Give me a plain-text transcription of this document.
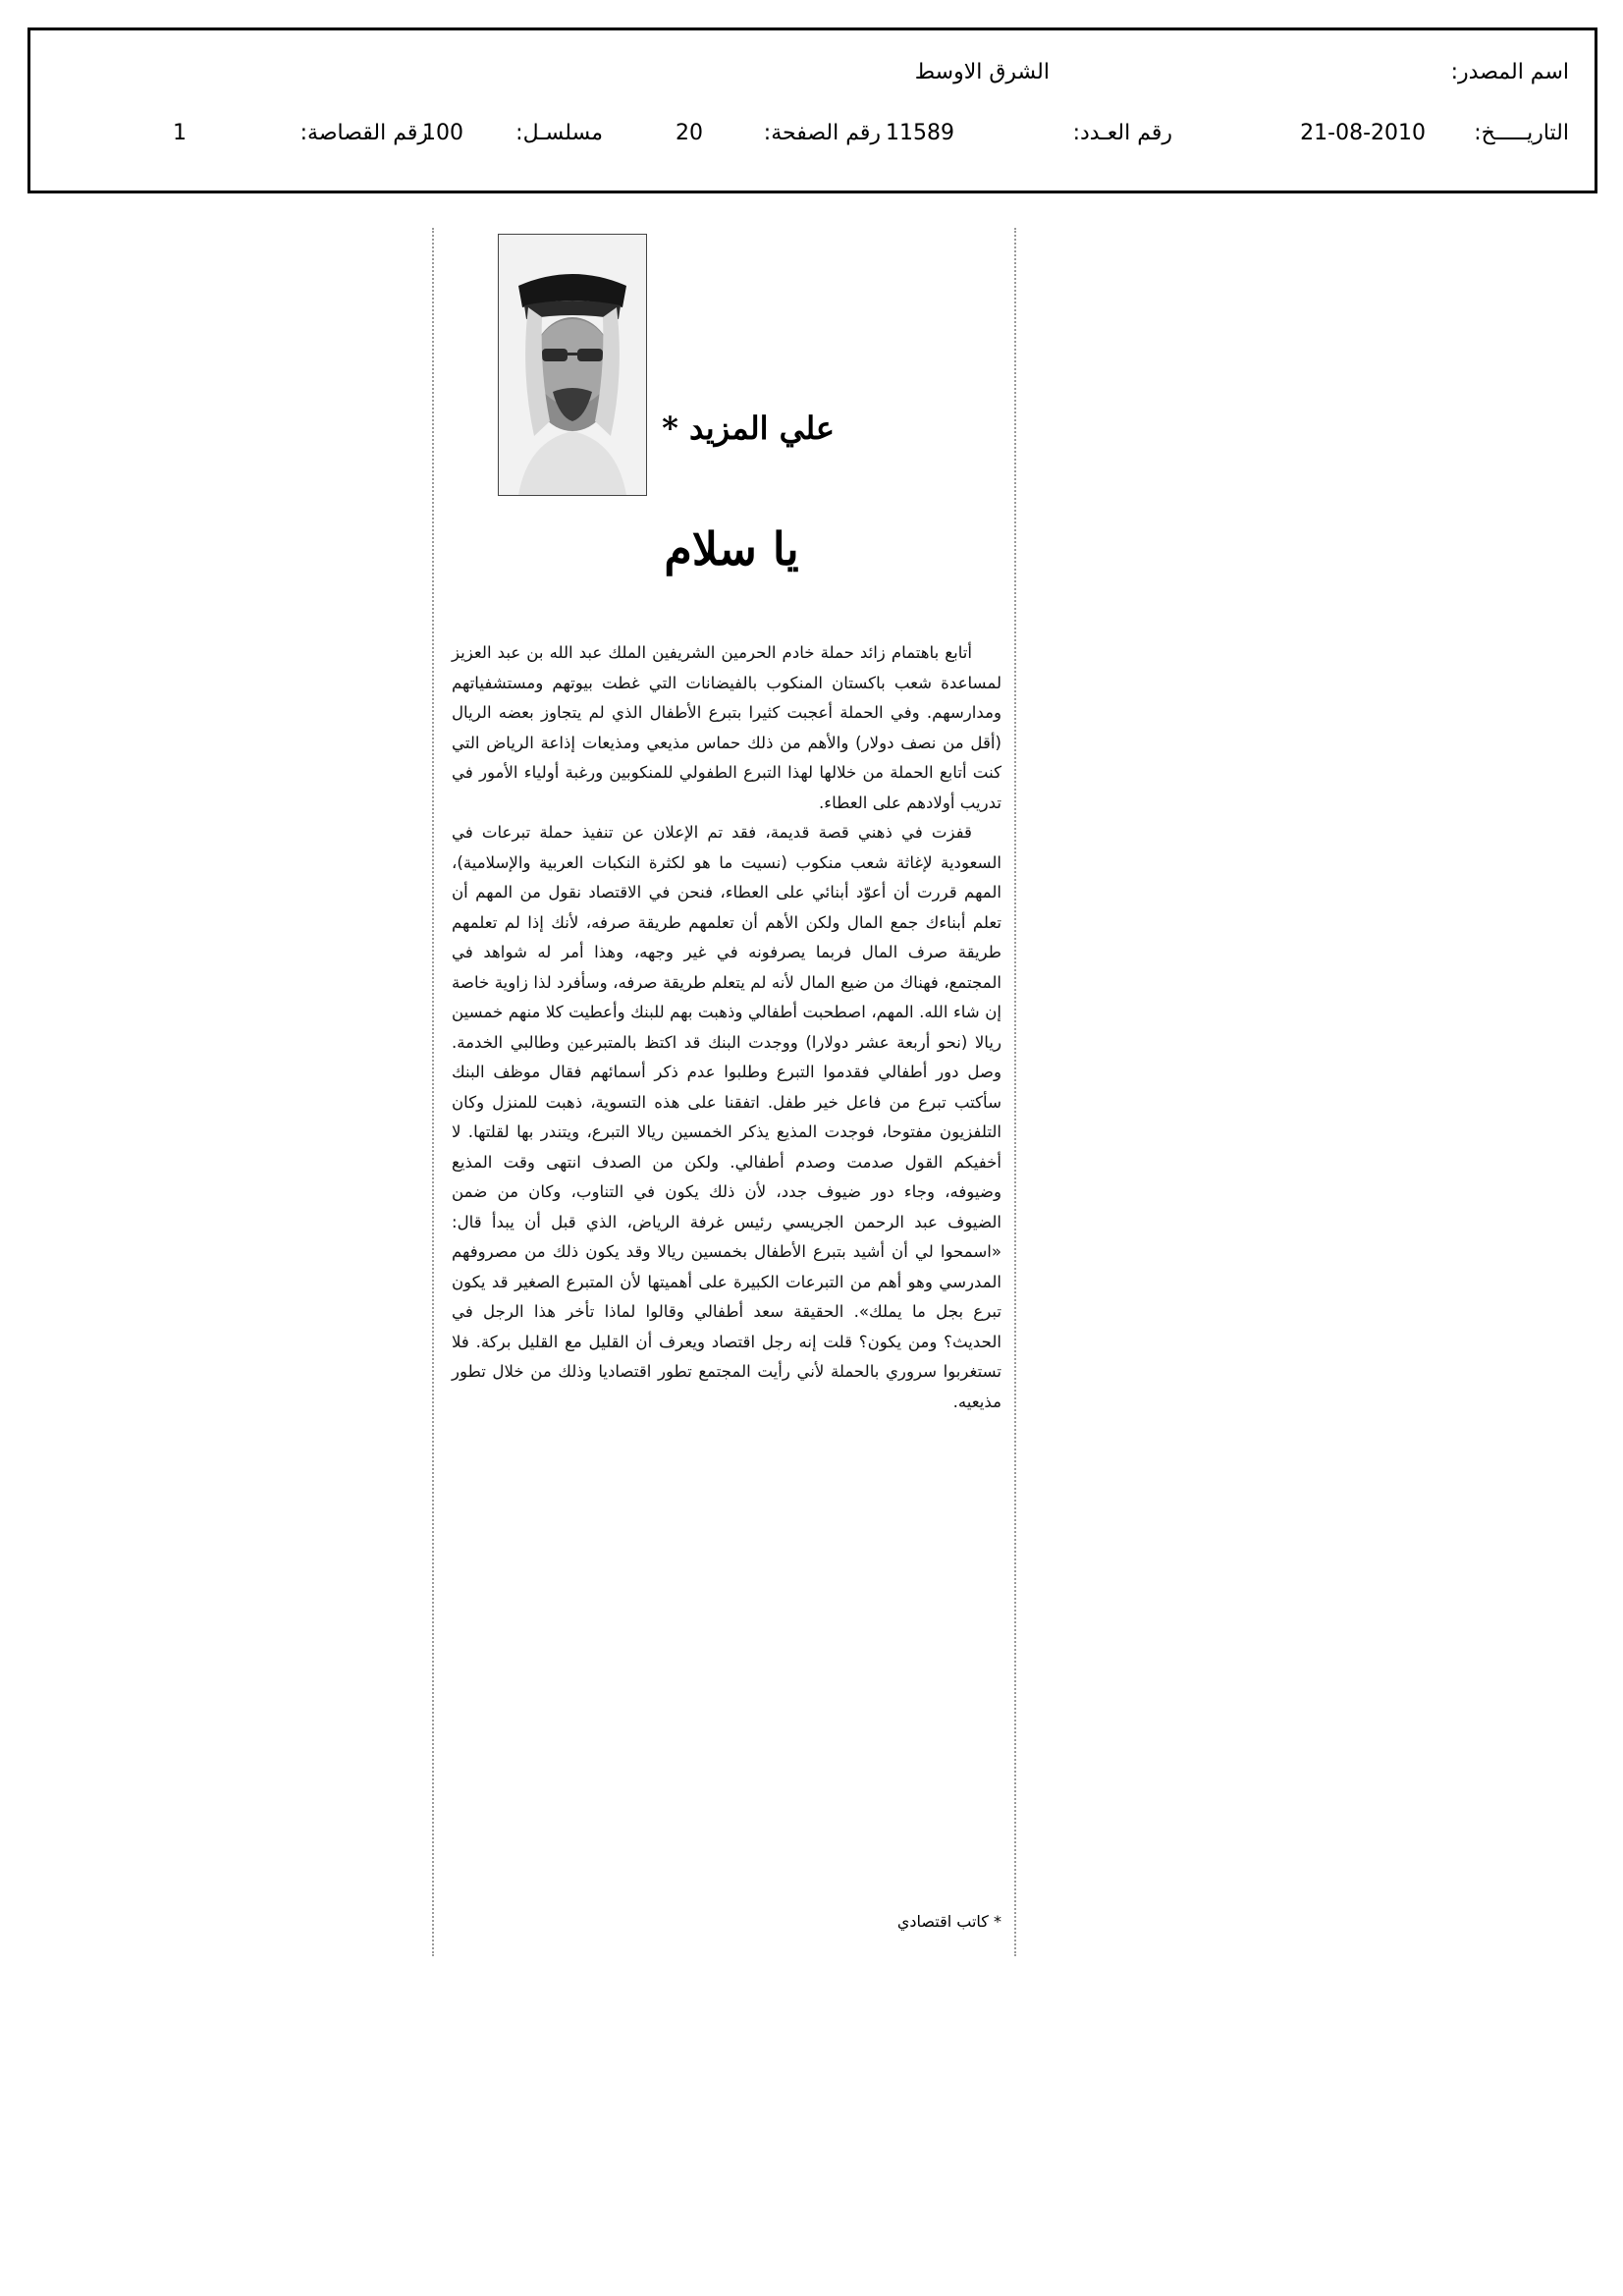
اسم المصدر:
الشرق الاوسط
التاريـــــخ:
21-08-2010
رقم العـدد:
11589
رقم الصفحة:
20
مسلسـل:
100
رقم القصاصة:
1
علي المزيد *
يا سلام

أتابع باهتمام زائد حملة خادم الحرمين الشريفين الملك عبد الله بن عبد العزيز لمساعدة شعب باكستان المنكوب بالفيضانات التي غطت بيوتهم ومستشفياتهم ومدارسهم. وفي الحملة أعجبت كثيرا بتبرع الأطفال الذي لم يتجاوز بعضه الريال (أقل من نصف دولار) والأهم من ذلك حماس مذيعي ومذيعات إذاعة الرياض التي كنت أتابع الحملة من خلالها لهذا التبرع الطفولي للمنكوبين ورغبة أولياء الأمور في تدريب أولادهم على العطاء.

قفزت في ذهني قصة قديمة، فقد تم الإعلان عن تنفيذ حملة تبرعات في السعودية لإغاثة شعب منكوب (نسيت ما هو لكثرة النكبات العربية والإسلامية)، المهم قررت أن أعوّد أبنائي على العطاء، فنحن في الاقتصاد نقول من المهم أن تعلم أبناءك جمع المال ولكن الأهم أن تعلمهم طريقة صرفه، لأنك إذا لم تعلمهم طريقة صرف المال فربما يصرفونه في غير وجهه، وهذا أمر له شواهد في المجتمع، فهناك من ضيع المال لأنه لم يتعلم طريقة صرفه، وسأفرد لذا زاوية خاصة إن شاء الله. المهم، اصطحبت أطفالي وذهبت بهم للبنك وأعطيت كلا منهم خمسين ريالا (نحو أربعة عشر دولارا) ووجدت البنك قد اكتظ بالمتبرعين وطالبي الخدمة. وصل دور أطفالي فقدموا التبرع وطلبوا عدم ذكر أسمائهم فقال موظف البنك سأكتب تبرع من فاعل خير طفل. اتفقنا على هذه التسوية، ذهبت للمنزل وكان التلفزيون مفتوحا، فوجدت المذيع يذكر الخمسين ريالا التبرع، ويتندر بها لقلتها. لا أخفيكم القول صدمت وصدم أطفالي. ولكن من الصدف انتهى وقت المذيع وضيوفه، وجاء دور ضيوف جدد، لأن ذلك يكون في التناوب، وكان من ضمن الضيوف عبد الرحمن الجريسي رئيس غرفة الرياض، الذي قبل أن يبدأ قال: «اسمحوا لي أن أشيد بتبرع الأطفال بخمسين ريالا وقد يكون ذلك من مصروفهم المدرسي وهو أهم من التبرعات الكبيرة على أهميتها لأن المتبرع الصغير قد يكون تبرع بجل ما يملك». الحقيقة سعد أطفالي وقالوا لماذا تأخر هذا الرجل في الحديث؟ ومن يكون؟ قلت إنه رجل اقتصاد ويعرف أن القليل مع القليل بركة. فلا تستغربوا سروري بالحملة لأني رأيت المجتمع تطور اقتصاديا وذلك من خلال تطور مذيعيه.

* كاتب اقتصادي
